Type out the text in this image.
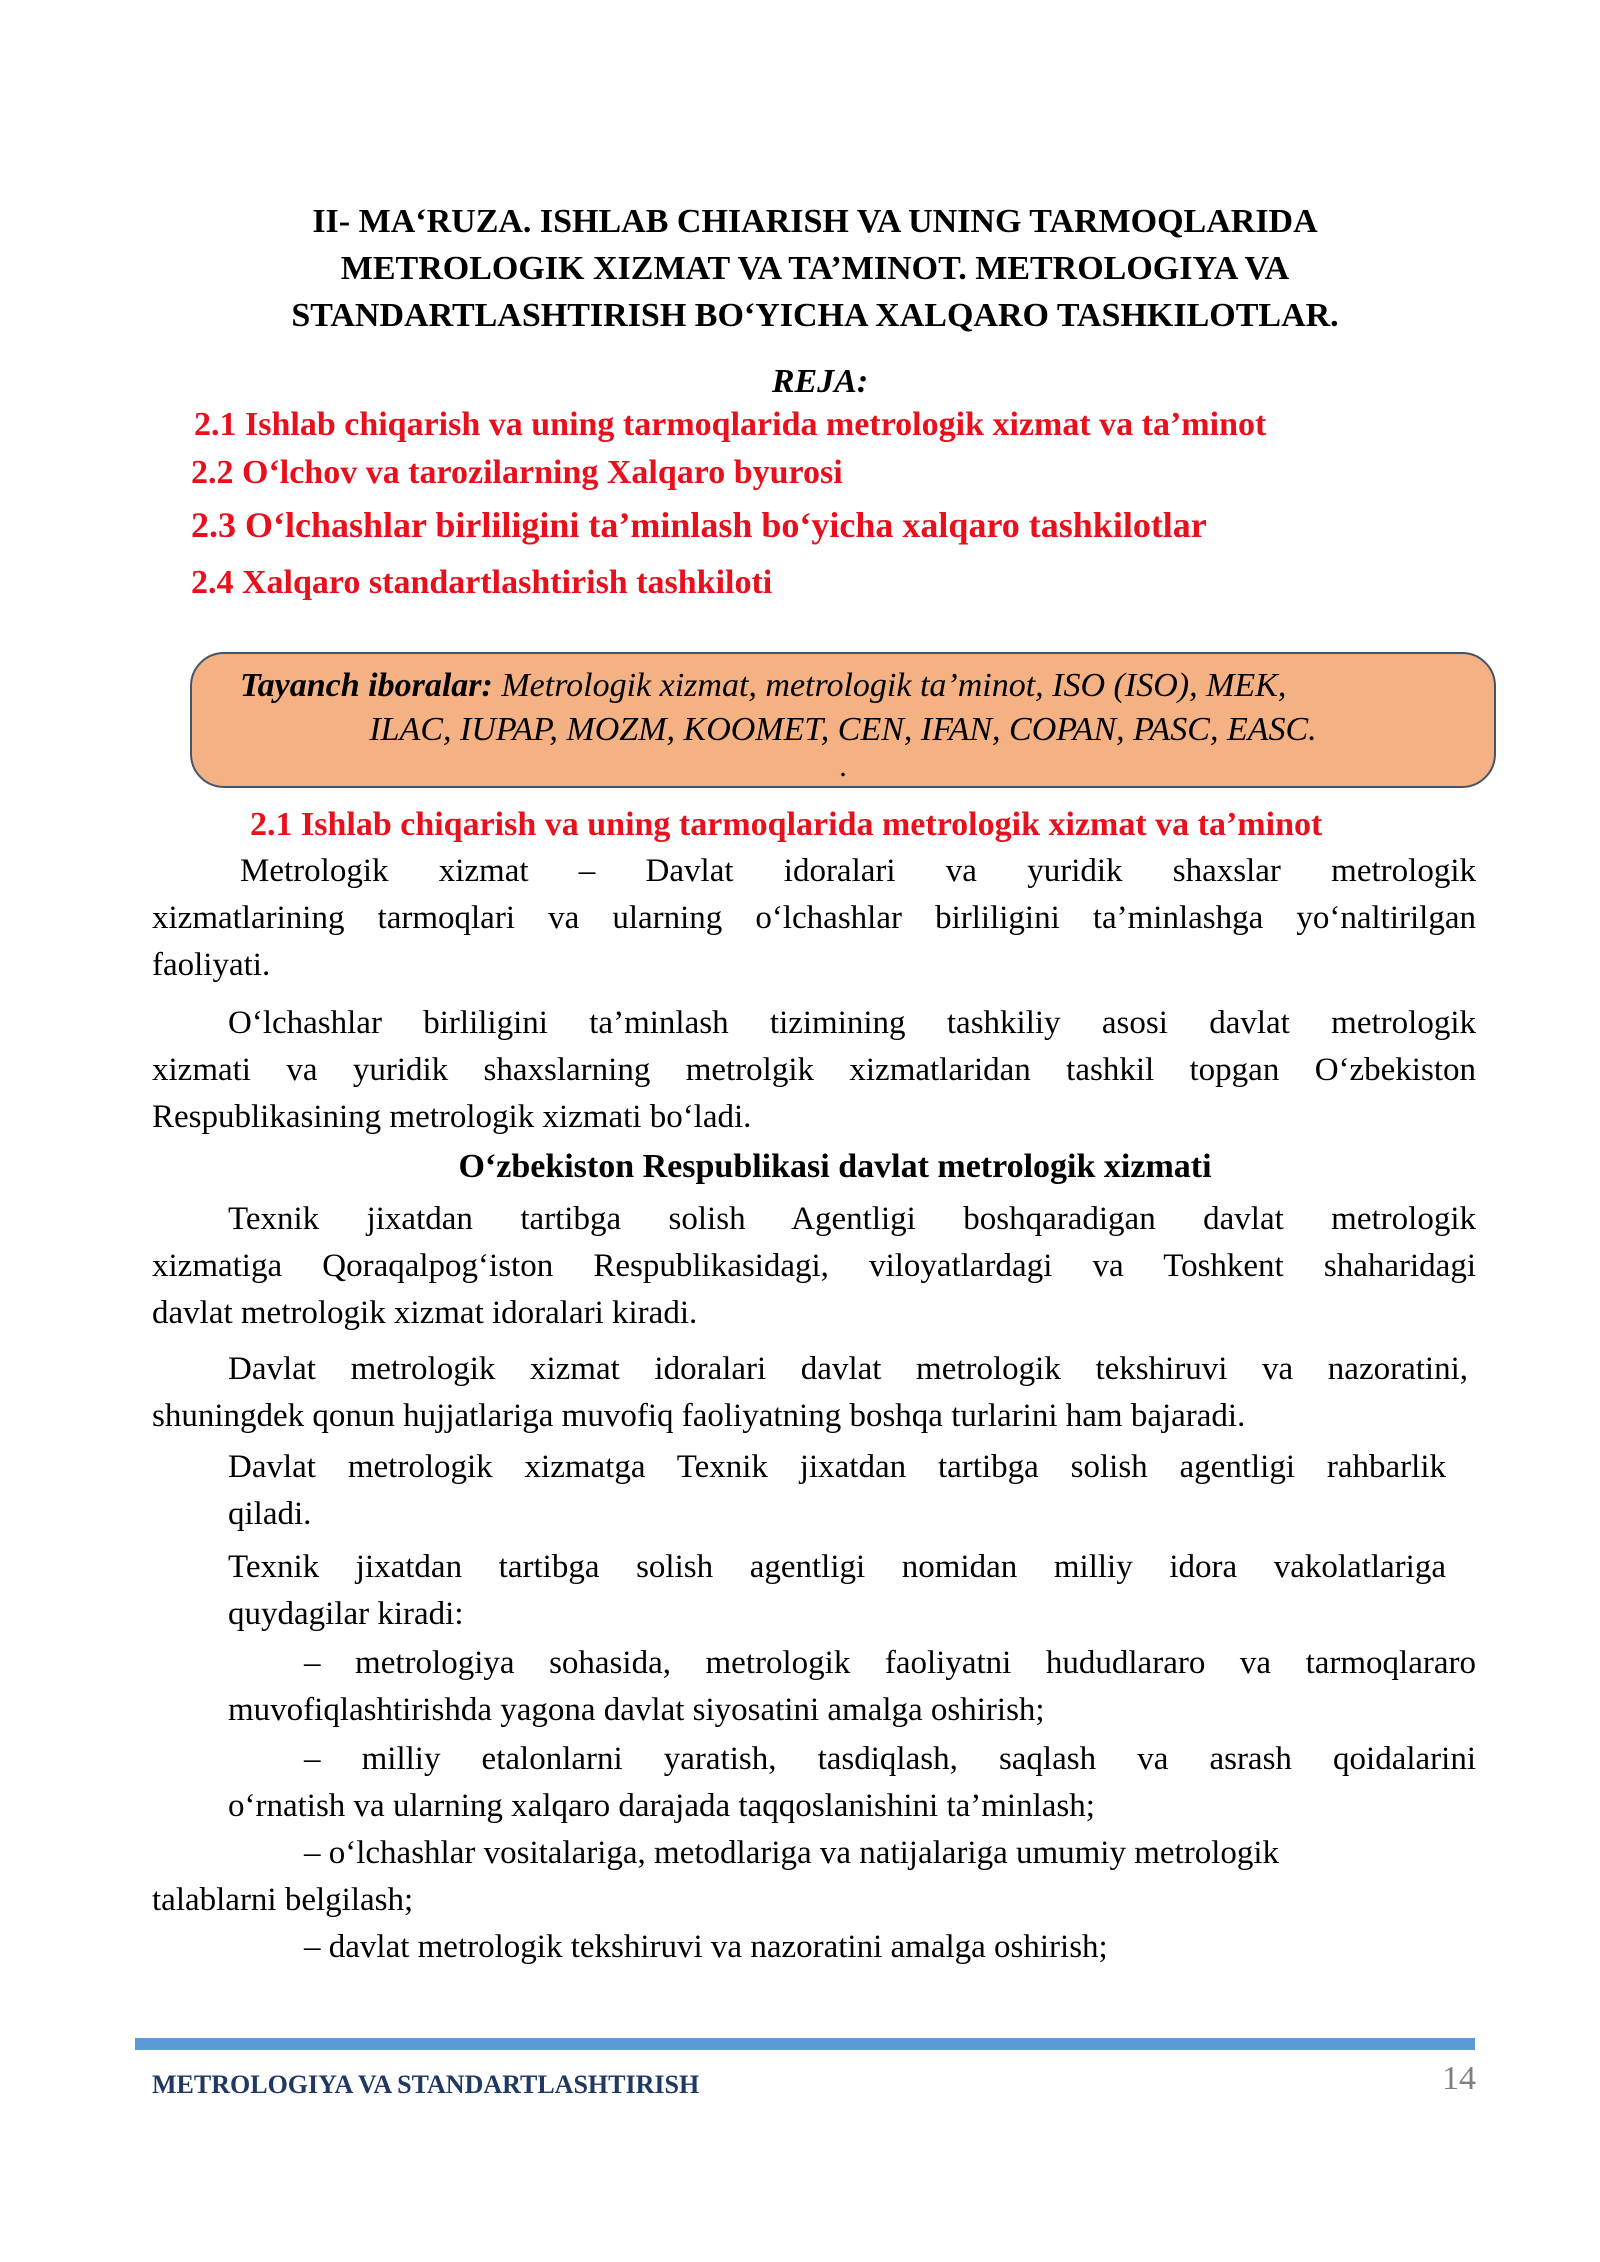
II- MA‘RUZA. ISHLAB CHIARISH VA UNING TARMOQLARIDA
METROLOGIK XIZMAT VA TA’MINOT. METROLOGIYA VA
STANDARTLASHTIRISH BO‘YICHA XALQARO TASHKILOTLAR.
REJA:
2.1 Ishlab chiqarish va uning tarmoqlarida metrologik xizmat va ta’minot
2.2 O‘lchov va tarozilarning Xalqaro byurosi
2.3 O‘lchashlar birliligini ta’minlash bo‘yicha xalqaro tashkilotlar
2.4 Xalqaro standartlashtirish tashkiloti
Tayanch iboralar: Metrologik xizmat, metrologik ta’minot, ISO (ISO), MEK,
ILAC, IUPAP, MOZM, KOOMET, CEN, IFAN, COPAN, PASC, EASC.
.
2.1 Ishlab chiqarish va uning tarmoqlarida metrologik xizmat va ta’minot
Metrologik xizmat – Davlat idoralari va yuridik shaxslar metrologik
xizmatlarining tarmoqlari va ularning o‘lchashlar birliligini ta’minlashga yo‘naltirilgan
faoliyati.
O‘lchashlar birliligini ta’minlash tizimining tashkiliy asosi davlat metrologik
xizmati va yuridik shaxslarning metrolgik xizmatlaridan tashkil topgan O‘zbekiston
Respublikasining metrologik xizmati bo‘ladi.
O‘zbekiston Respublikasi davlat metrologik xizmati
Texnik jixatdan tartibga solish Agentligi boshqaradigan davlat metrologik
xizmatiga Qoraqalpog‘iston Respublikasidagi, viloyatlardagi va Toshkent shaharidagi
davlat metrologik xizmat idoralari kiradi.
Davlat metrologik xizmat idoralari davlat metrologik tekshiruvi va nazoratini,
shuningdek qonun hujjatlariga muvofiq faoliyatning boshqa turlarini ham bajaradi.
Davlat metrologik xizmatga Texnik jixatdan tartibga solish agentligi rahbarlik
qiladi.
Texnik jixatdan tartibga solish agentligi nomidan milliy idora vakolatlariga
quydagilar kiradi:
– metrologiya sohasida, metrologik faoliyatni hududlararo va tarmoqlararo
muvofiqlashtirishda yagona davlat siyosatini amalga oshirish;
– milliy etalonlarni yaratish, tasdiqlash, saqlash va asrash qoidalarini
o‘rnatish va ularning xalqaro darajada taqqoslanishini ta’minlash;
– o‘lchashlar vositalariga, metodlariga va natijalariga umumiy metrologik
talablarni belgilash;
– davlat metrologik tekshiruvi va nazoratini amalga oshirish;
METROLOGIYA VA STANDARTLASHTIRISH	14
